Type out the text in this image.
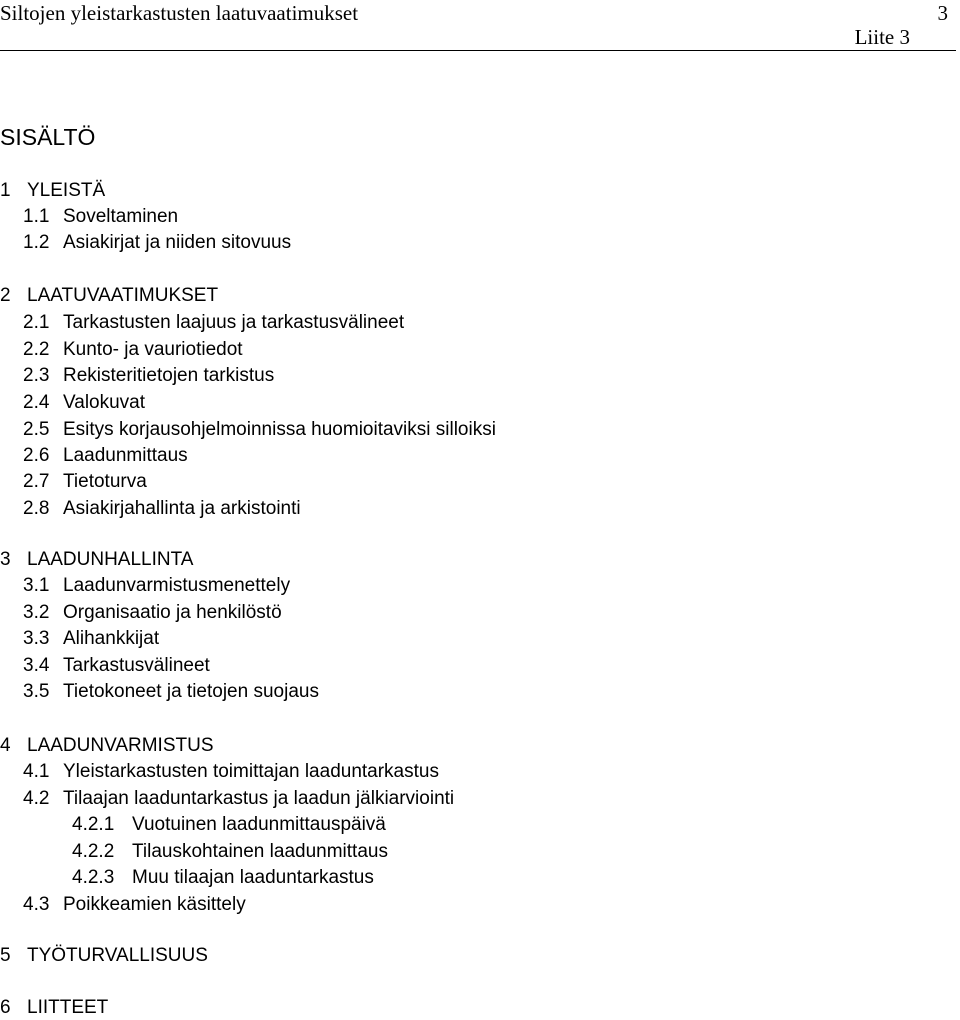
Siltojen yleistarkastusten laatuvaatimukset	3
Liite 3
SISÄLTÖ
1 YLEISTÄ
1.1 Soveltaminen
1.2 Asiakirjat ja niiden sitovuus
2 LAATUVAATIMUKSET
2.1 Tarkastusten laajuus ja tarkastusvälineet
2.2 Kunto- ja vauriotiedot
2.3 Rekisteritietojen tarkistus
2.4 Valokuvat
2.5 Esitys korjausohjelmoinnissa huomioitaviksi silloiksi
2.6 Laadunmittaus
2.7 Tietoturva
2.8 Asiakirjahallinta ja arkistointi
3 LAADUNHALLINTA
3.1 Laadunvarmistusmenettely
3.2 Organisaatio ja henkilöstö
3.3 Alihankkijat
3.4 Tarkastusvälineet
3.5 Tietokoneet ja tietojen suojaus
4 LAADUNVARMISTUS
4.1 Yleistarkastusten toimittajan laaduntarkastus
4.2 Tilaajan laaduntarkastus ja laadun jälkiarviointi
4.2.1 Vuotuinen laadunmittauspäivä
4.2.2 Tilauskohtainen laadunmittaus
4.2.3 Muu tilaajan laaduntarkastus
4.3 Poikkeamien käsittely
5 TYÖTURVALLISUUS
6 LIITTEET
